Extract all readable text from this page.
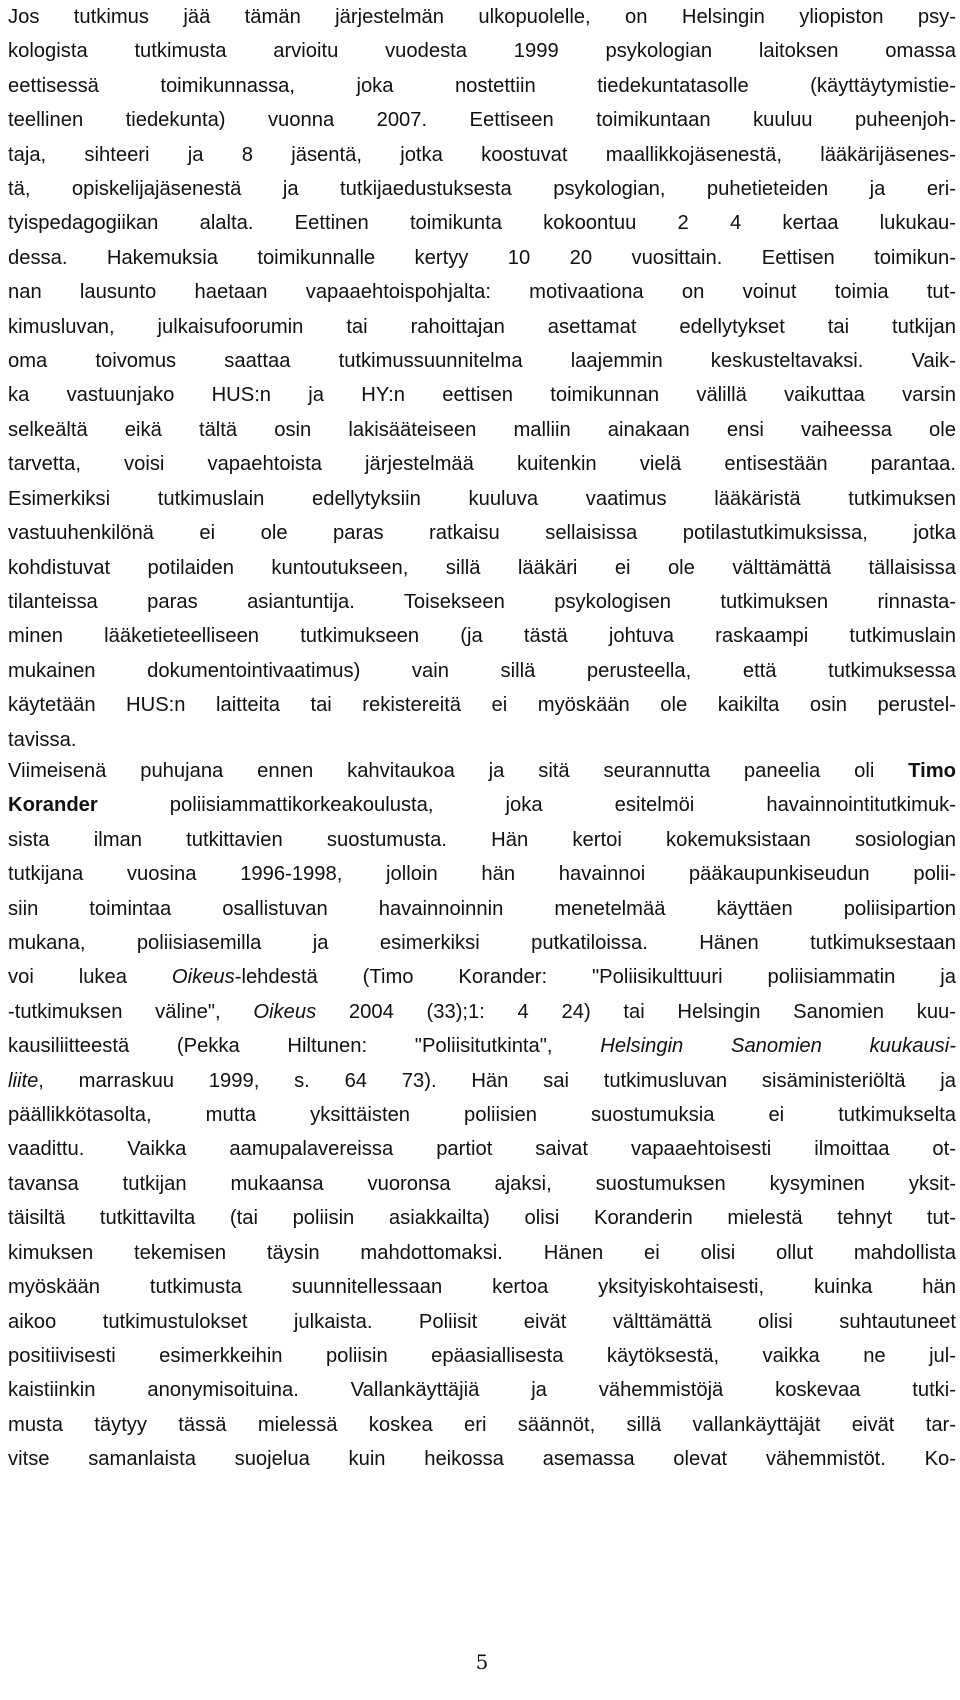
Jos tutkimus jää tämän järjestelmän ulkopuolelle, on Helsingin yliopiston psy-
kologista tutkimusta arvioitu vuodesta 1999 psykologian laitoksen omassa
eettisessä toimikunnassa, joka nostettiin tiedekuntatasolle (käyttäytymistie-
teellinen tiedekunta) vuonna 2007. Eettiseen toimikuntaan kuuluu puheenjoh-
taja, sihteeri ja 8 jäsentä, jotka koostuvat maallikkojäsenestä, lääkärijäsenes-
tä, opiskelijajäsenestä ja tutkijaedustuksesta psykologian, puhetieteiden ja eri-
tyispedagogiikan alalta. Eettinen toimikunta kokoontuu 2 4 kertaa lukukau-
dessa. Hakemuksia toimikunnalle kertyy 10 20 vuosittain. Eettisen toimikun-
nan lausunto haetaan vapaaehtoispohjalta: motivaationa on voinut toimia tut-
kimusluvan, julkaisufoorumin tai rahoittajan asettamat edellytykset tai tutkijan
oma toivomus saattaa tutkimussuunnitelma laajemmin keskusteltavaksi. Vaik-
ka vastuunjako HUS:n ja HY:n eettisen toimikunnan välillä vaikuttaa varsin
selkeältä eikä tältä osin lakisääteiseen malliin ainakaan ensi vaiheessa ole
tarvetta, voisi vapaehtoista järjestelmää kuitenkin vielä entisestään parantaa.
Esimerkiksi tutkimuslain edellytyksiin kuuluva vaatimus lääkäristä tutkimuksen
vastuuhenkilönä ei ole paras ratkaisu sellaisissa potilastutkimuksissa, jotka
kohdistuvat potilaiden kuntoutukseen, sillä lääkäri ei ole välttämättä tällaisissa
tilanteissa paras asiantuntija. Toisekseen psykologisen tutkimuksen rinnasta-
minen lääketieteelliseen tutkimukseen (ja tästä johtuva raskaampi tutkimuslain
mukainen dokumentointivaatimus) vain sillä perusteella, että tutkimuksessa
käytetään HUS:n laitteita tai rekistereitä ei myöskään ole kaikilta osin perustel-
tavissa.
Viimeisenä puhujana ennen kahvitaukoa ja sitä seurannutta paneelia oli Timo
Korander poliisiammattikorkeakoulusta, joka esitelmöi havainnointitutkimuk-
sista ilman tutkittavien suostumusta. Hän kertoi kokemuksistaan sosiologian
tutkijana vuosina 1996-1998, jolloin hän havainnoi pääkaupunkiseudun polii-
siin toimintaa osallistuvan havainnoinnin menetelmää käyttäen poliisipartion
mukana, poliisiasemilla ja esimerkiksi putkatiloissa. Hänen tutkimuksestaan
voi lukea Oikeus-lehdestä (Timo Korander: "Poliisikulttuuri poliisiammatin ja
-tutkimuksen väline", Oikeus 2004 (33);1: 4 24) tai Helsingin Sanomien kuu-
kausiliitteestä (Pekka Hiltunen: "Poliisitutkinta", Helsingin Sanomien kuukausi-
liite, marraskuu 1999, s. 64 73). Hän sai tutkimusluvan sisäministeriöltä ja
päällikkötasolta, mutta yksittäisten poliisien suostumuksia ei tutkimukselta
vaadittu. Vaikka aamupalavereissa partiot saivat vapaaehtoisesti ilmoittaa ot-
tavansa tutkijan mukaansa vuoronsa ajaksi, suostumuksen kysyminen yksit-
täisiltä tutkittavilta (tai poliisin asiakkailta) olisi Koranderin mielestä tehnyt tut-
kimuksen tekemisen täysin mahdottomaksi. Hänen ei olisi ollut mahdollista
myöskään tutkimusta suunnitellessaan kertoa yksityiskohtaisesti, kuinka hän
aikoo tutkimustulokset julkaista. Poliisit eivät välttämättä olisi suhtautuneet
positiivisesti esimerkkeihin poliisin epäasiallisesta käytöksestä, vaikka ne jul-
kaistiinkin anonymisoituina. Vallankäyttäjiä ja vähemmistöjä koskevaa tutki-
musta täytyy tässä mielessä koskea eri säännöt, sillä vallankäyttäjät eivät tar-
vitse samanlaista suojelua kuin heikossa asemassa olevat vähemmistöt. Ko-
5
